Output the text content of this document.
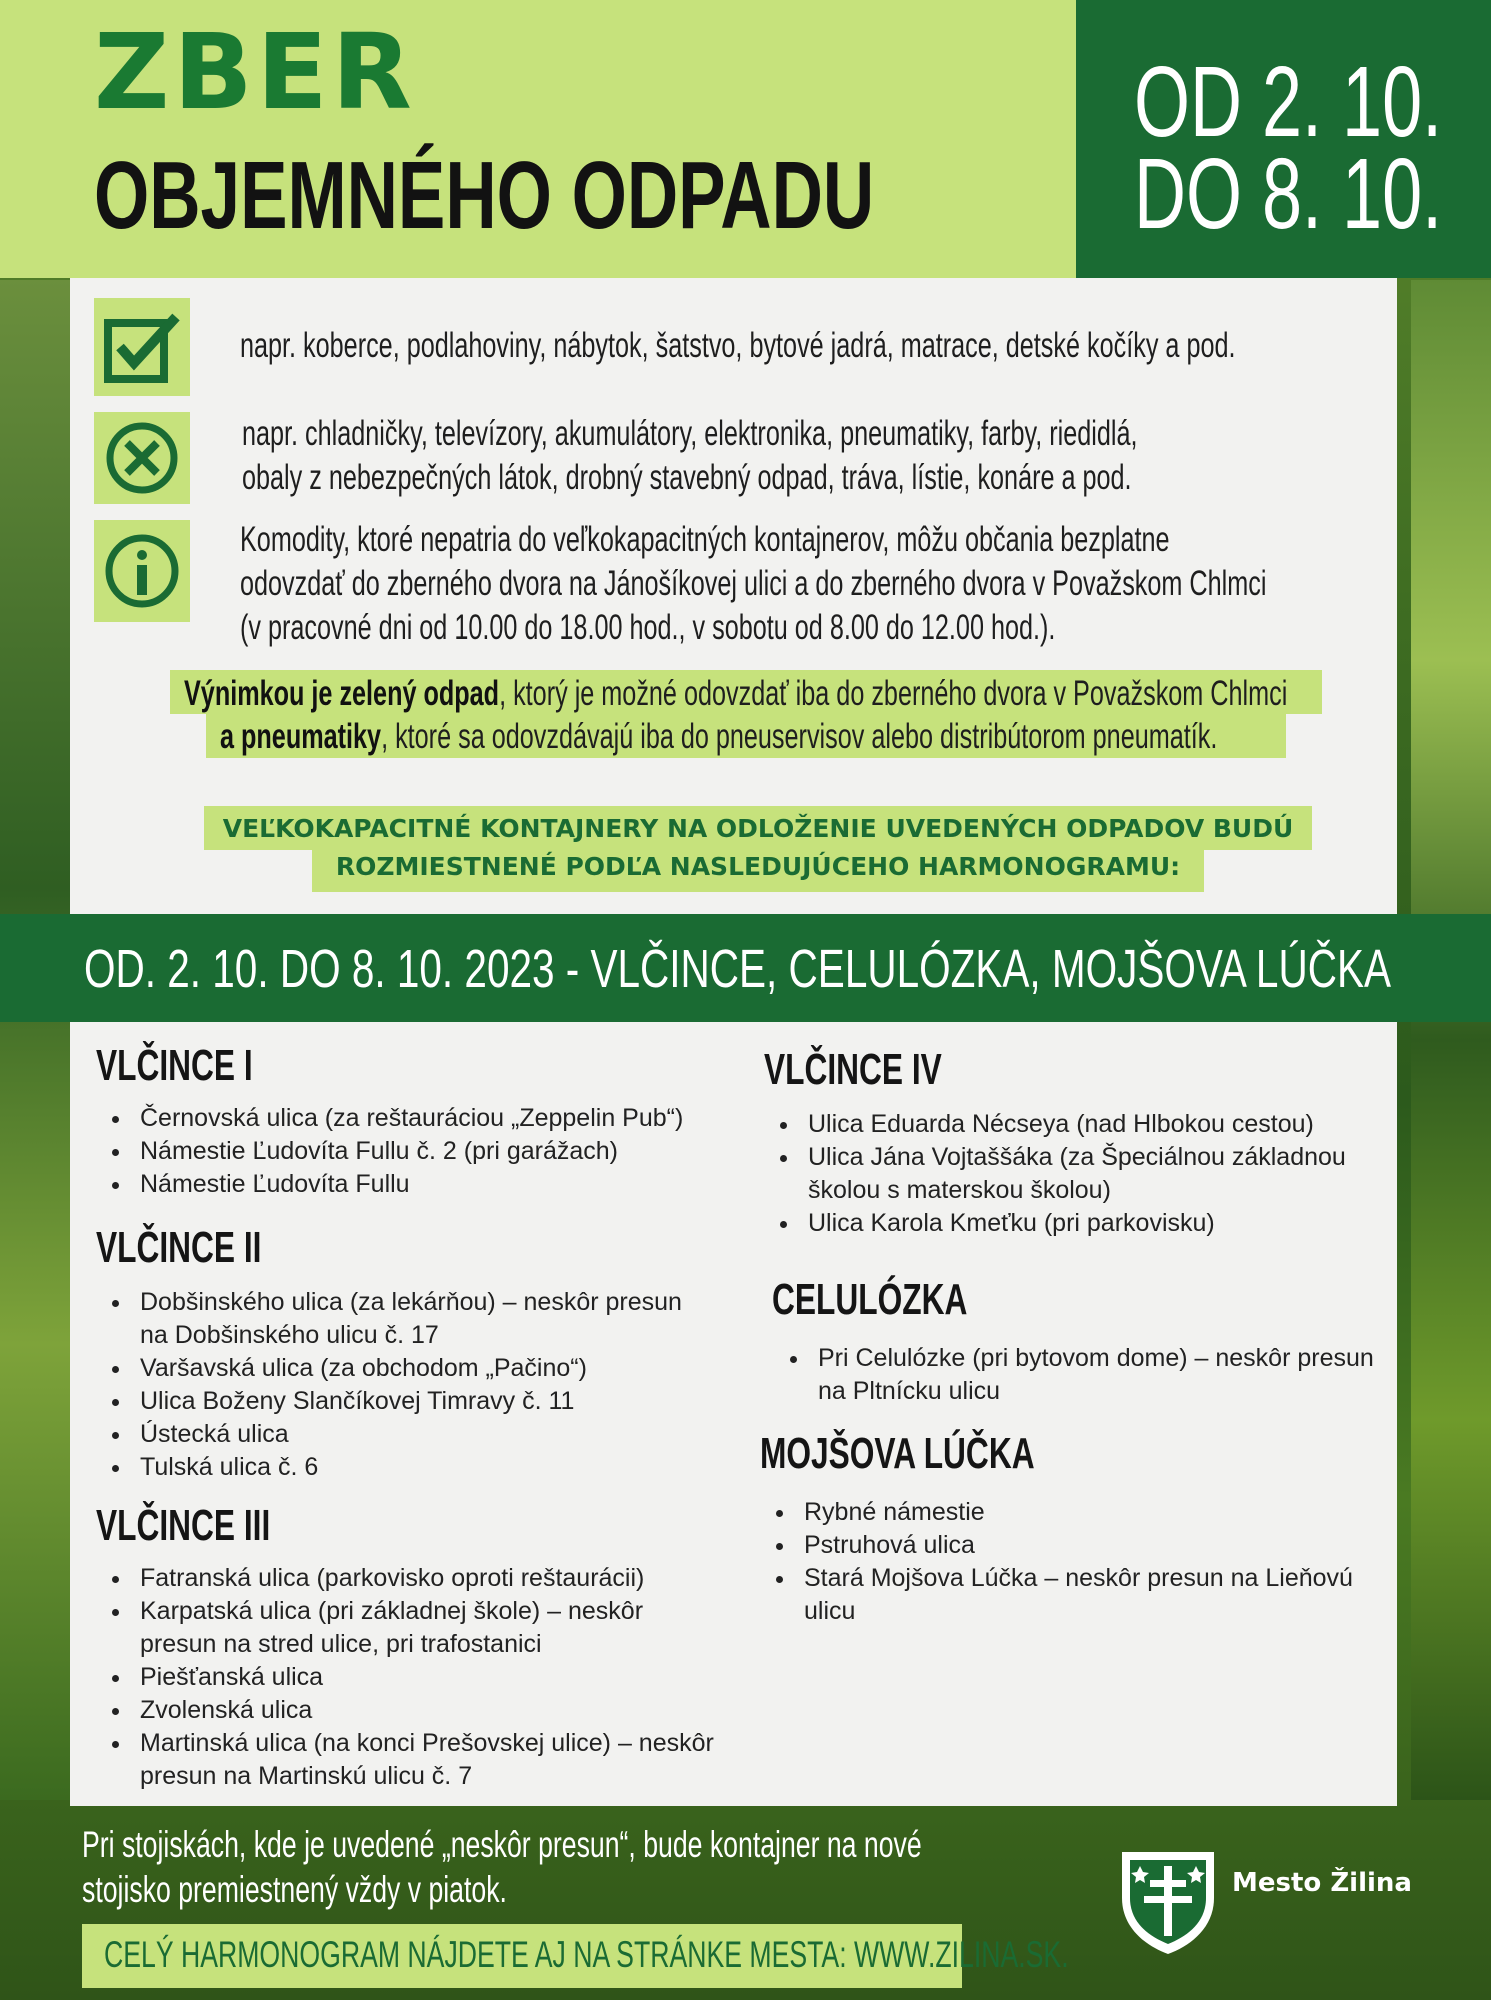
ZBER
OBJEMNÉHO ODPADU
OD 2. 10.
DO 8. 10.
napr. koberce, podlahoviny, nábytok, šatstvo, bytové jadrá, matrace, detské kočíky a pod.
napr. chladničky, televízory, akumulátory, elektronika, pneumatiky, farby, riedidlá,
obaly z nebezpečných látok, drobný stavebný odpad, tráva, lístie, konáre a pod.
Komodity, ktoré nepatria do veľkokapacitných kontajnerov, môžu občania bezplatne
odovzdať do zberného dvora na Jánošíkovej ulici a do zberného dvora v Považskom Chlmci
(v pracovné dni od 10.00 do 18.00 hod., v sobotu od 8.00 do 12.00 hod.).
Výnimkou je zelený odpad, ktorý je možné odovzdať iba do zberného dvora v Považskom Chlmci
a pneumatiky, ktoré sa odovzdávajú iba do pneuservisov alebo distribútorom pneumatík.
VEĽKOKAPACITNÉ KONTAJNERY NA ODLOŽENIE UVEDENÝCH ODPADOV BUDÚ
ROZMIESTNENÉ PODĽA NASLEDUJÚCEHO HARMONOGRAMU:
OD. 2. 10. DO 8. 10. 2023 - VLČINCE, CELULÓZKA, MOJŠOVA LÚČKA
VLČINCE I
Černovská ulica (za reštauráciou „Zeppelin Pub“)
Námestie Ľudovíta Fullu č. 2 (pri garážach)
Námestie Ľudovíta Fullu
VLČINCE II
Dobšinského ulica (za lekárňou) – neskôr presun
na Dobšinského ulicu č. 17
Varšavská ulica (za obchodom „Pačino“)
Ulica Boženy Slančíkovej Timravy č. 11
Ústecká ulica
Tulská ulica č. 6
VLČINCE III
Fatranská ulica (parkovisko oproti reštaurácii)
Karpatská ulica (pri základnej škole) – neskôr
presun na stred ulice, pri trafostanici
Piešťanská ulica
Zvolenská ulica
Martinská ulica (na konci Prešovskej ulice) – neskôr
presun na Martinskú ulicu č. 7
VLČINCE IV
Ulica Eduarda Nécseya (nad Hlbokou cestou)
Ulica Jána Vojtaššáka (za Špeciálnou základnou
školou s materskou školou)
Ulica Karola Kmeťku (pri parkovisku)
CELULÓZKA
Pri Celulózke (pri bytovom dome) – neskôr presun
na Pltnícku ulicu
MOJŠOVA LÚČKA
Rybné námestie
Pstruhová ulica
Stará Mojšova Lúčka – neskôr presun na Lieňovú
ulicu
Pri stojiskách, kde je uvedené „neskôr presun“, bude kontajner na nové
stojisko premiestnený vždy v piatok.
CELÝ HARMONOGRAM NÁJDETE AJ NA STRÁNKE MESTA: WWW.ZILINA.SK.
Mesto Žilina
